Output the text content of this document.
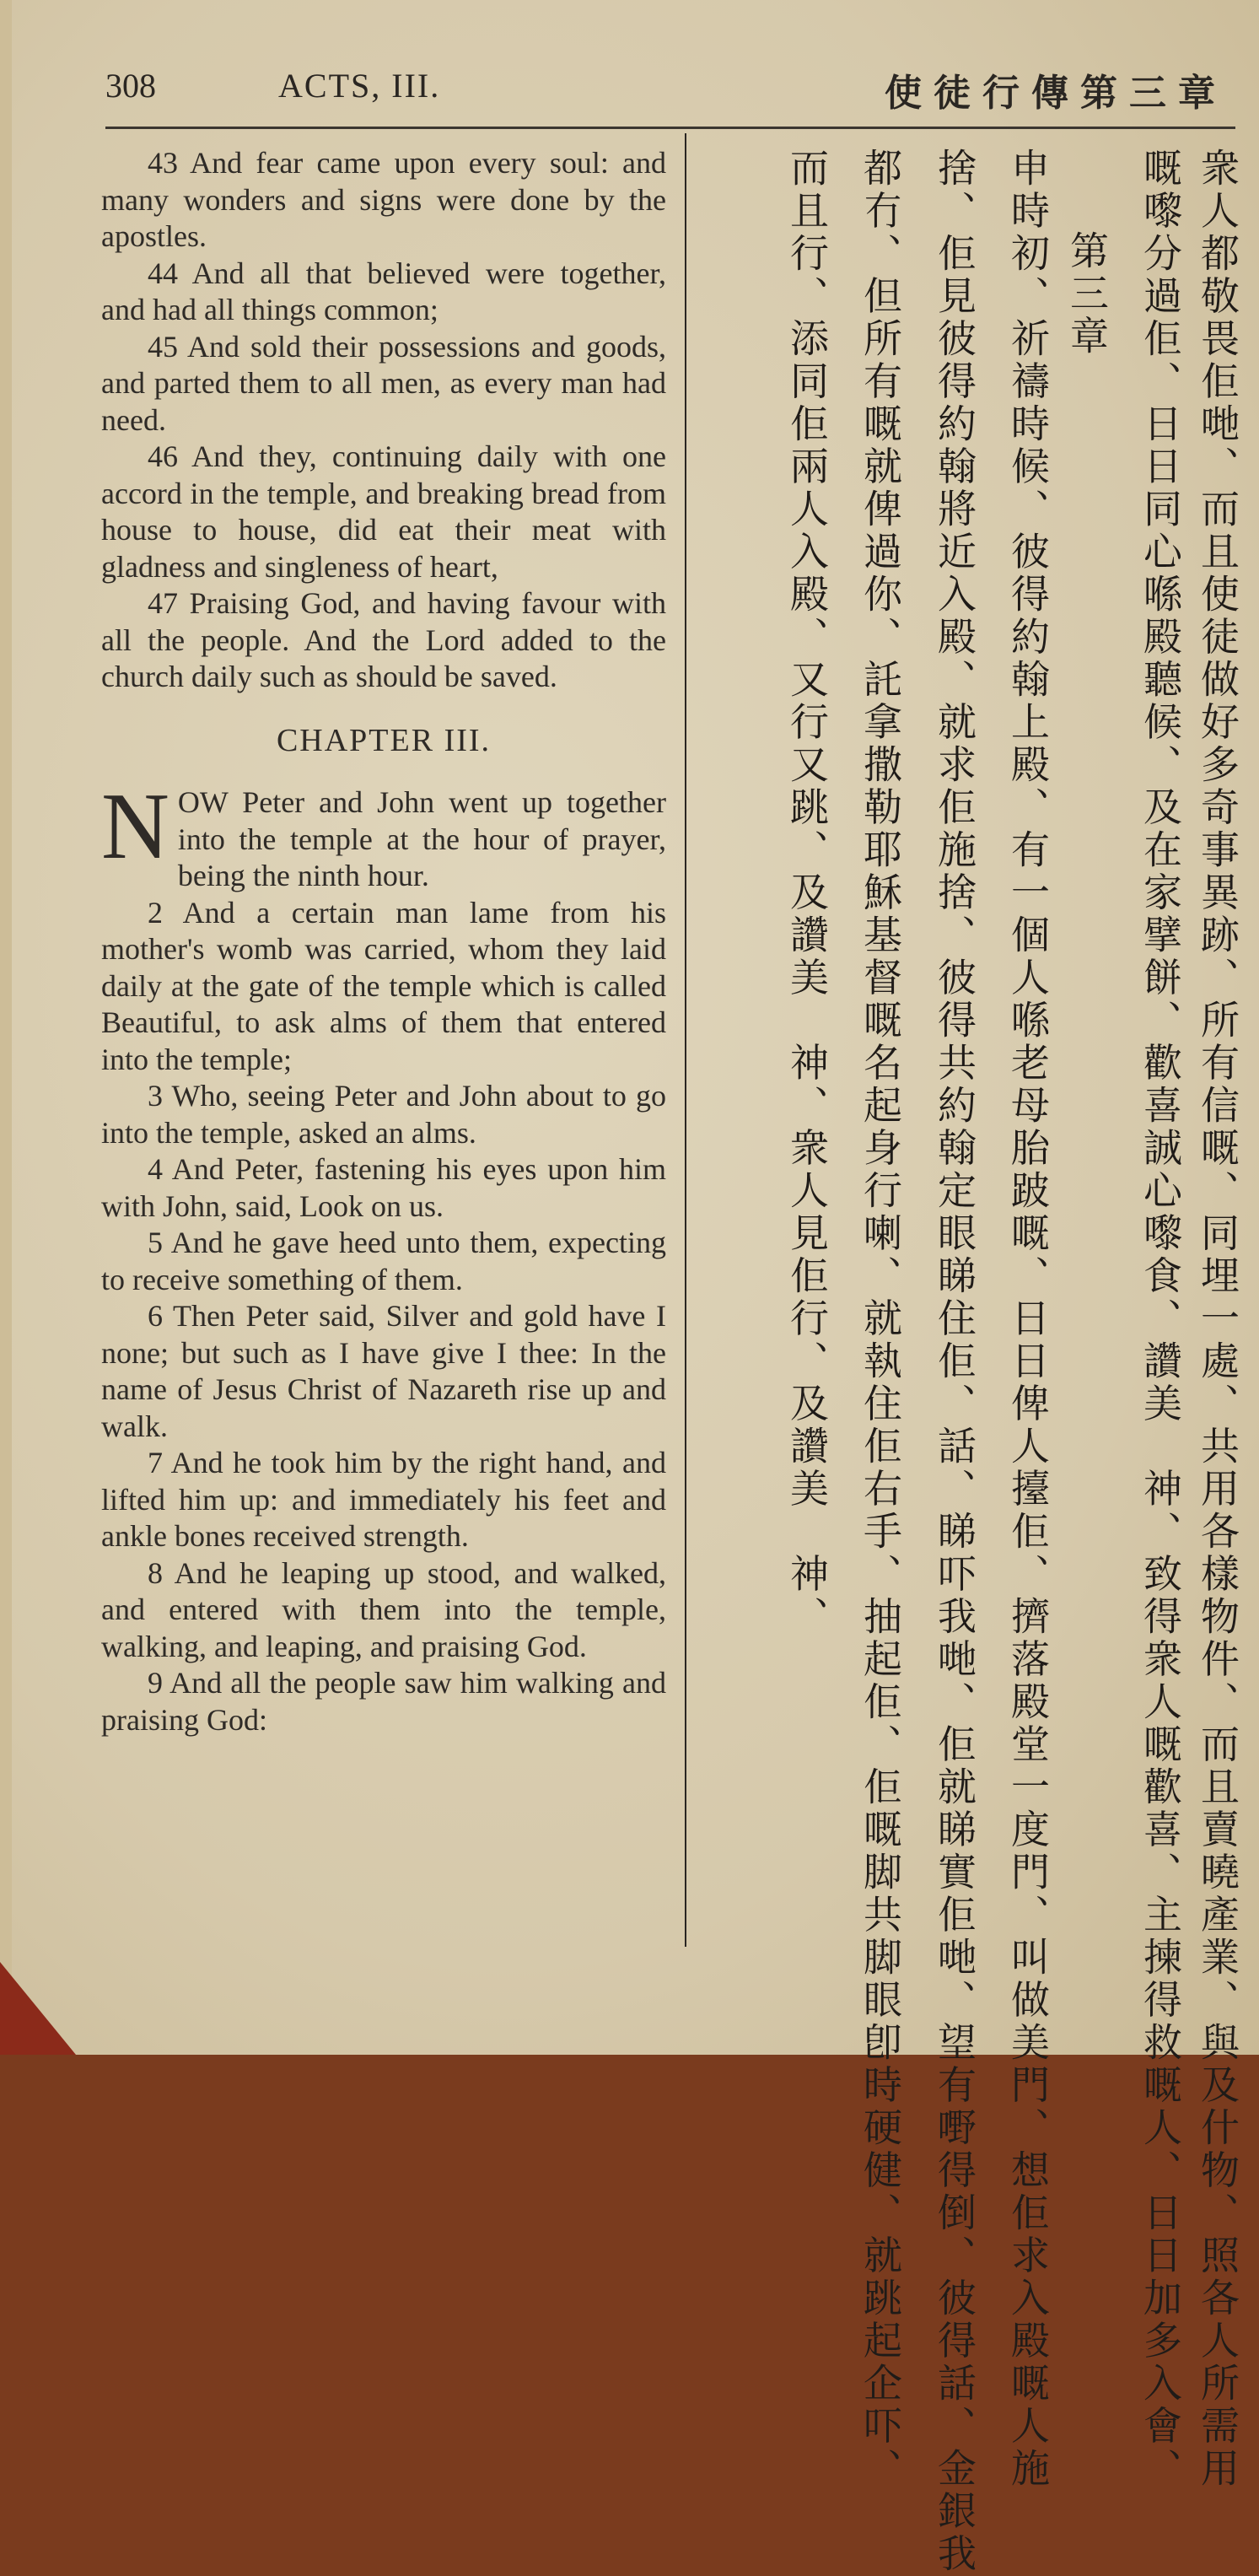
308	ACTS, III.	使徒行傳第三章

43 And fear came upon every soul: and many wonders and signs were done by the apostles.

44 And all that believed were together, and had all things common;

45 And sold their possessions and goods, and parted them to all men, as every man had need.

46 And they, continuing daily with one accord in the temple, and breaking bread from house to house, did eat their meat with gladness and singleness of heart,

47 Praising God, and having favour with all the people. And the Lord added to the church daily such as should be saved.

CHAPTER III.

NOW Peter and John went up together into the temple at the hour of prayer, being the ninth hour.

2 And a certain man lame from his mother's womb was carried, whom they laid daily at the gate of the temple which is called Beautiful, to ask alms of them that entered into the temple;

3 Who, seeing Peter and John about to go into the temple, asked an alms.

4 And Peter, fastening his eyes upon him with John, said, Look on us.

5 And he gave heed unto them, expecting to receive something of them.

6 Then Peter said, Silver and gold have I none; but such as I have give I thee: In the name of Jesus Christ of Nazareth rise up and walk.

7 And he took him by the right hand, and lifted him up: and immediately his feet and ankle bones received strength.

8 And he leaping up stood, and walked, and entered with them into the temple, walking, and leaping, and praising God.

9 And all the people saw him walking and praising God:	衆人都敬畏佢哋、而且使徒做好多奇事異跡、所有信嘅、同埋一處、共用各樣物件、而且賣曉產業、與及什物、照各人所需用
嘅嚟分過佢、日日同心喺殿聽候、及在家擘餅、歡喜誠心嚟食、讚美　神、致得衆人嘅歡喜、主揀得救嘅人、日日加多入會、
第三章
申時初、祈禱時候、彼得約翰上殿、有一個人喺老母胎跛嘅、日日俾人擡佢、擠落殿堂一度門、叫做美門、想佢求入殿嘅人施
捨、佢見彼得約翰將近入殿、就求佢施捨、彼得共約翰定眼睇住佢、話、睇吓我哋、佢就睇實佢哋、望有嘢得倒、彼得話、金銀我
都冇、但所有嘅就俾過你、託拿撒勒耶穌基督嘅名起身行喇、就執住佢右手、抽起佢、佢嘅脚共脚眼卽時硬健、就跳起企吓、
而且行、添同佢兩人入殿、又行又跳、及讚美　神、衆人見佢行、及讚美　神、
